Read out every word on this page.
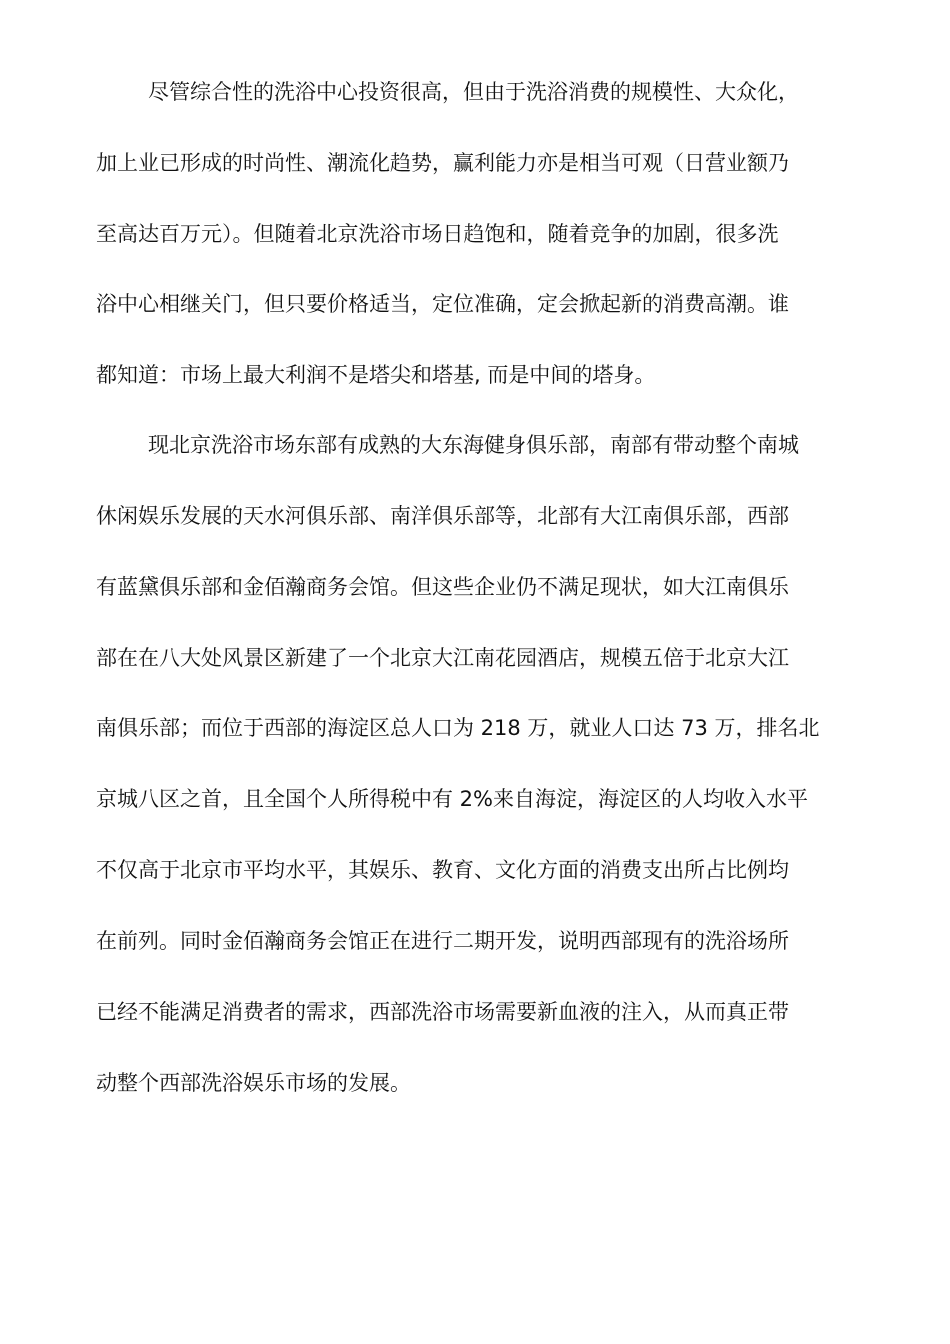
尽管综合性的洗浴中心投资很高，但由于洗浴消费的规模性、大众化，
加上业已形成的时尚性、潮流化趋势，赢利能力亦是相当可观（日营业额乃
至高达百万元）。但随着北京洗浴市场日趋饱和，随着竞争的加剧，很多洗
浴中心相继关门，但只要价格适当，定位准确，定会掀起新的消费高潮。谁
都知道：市场上最大利润不是塔尖和塔基, 而是中间的塔身。
现北京洗浴市场东部有成熟的大东海健身俱乐部，南部有带动整个南城
休闲娱乐发展的天水河俱乐部、南洋俱乐部等，北部有大江南俱乐部，西部
有蓝黛俱乐部和金佰瀚商务会馆。但这些企业仍不满足现状，如大江南俱乐
部在在八大处风景区新建了一个北京大江南花园酒店，规模五倍于北京大江
南俱乐部；而位于西部的海淀区总人口为 218 万，就业人口达 73 万，排名北
京城八区之首，且全国个人所得税中有 2%来自海淀，海淀区的人均收入水平
不仅高于北京市平均水平，其娱乐、教育、文化方面的消费支出所占比例均
在前列。同时金佰瀚商务会馆正在进行二期开发，说明西部现有的洗浴场所
已经不能满足消费者的需求，西部洗浴市场需要新血液的注入，从而真正带
动整个西部洗浴娱乐市场的发展。
